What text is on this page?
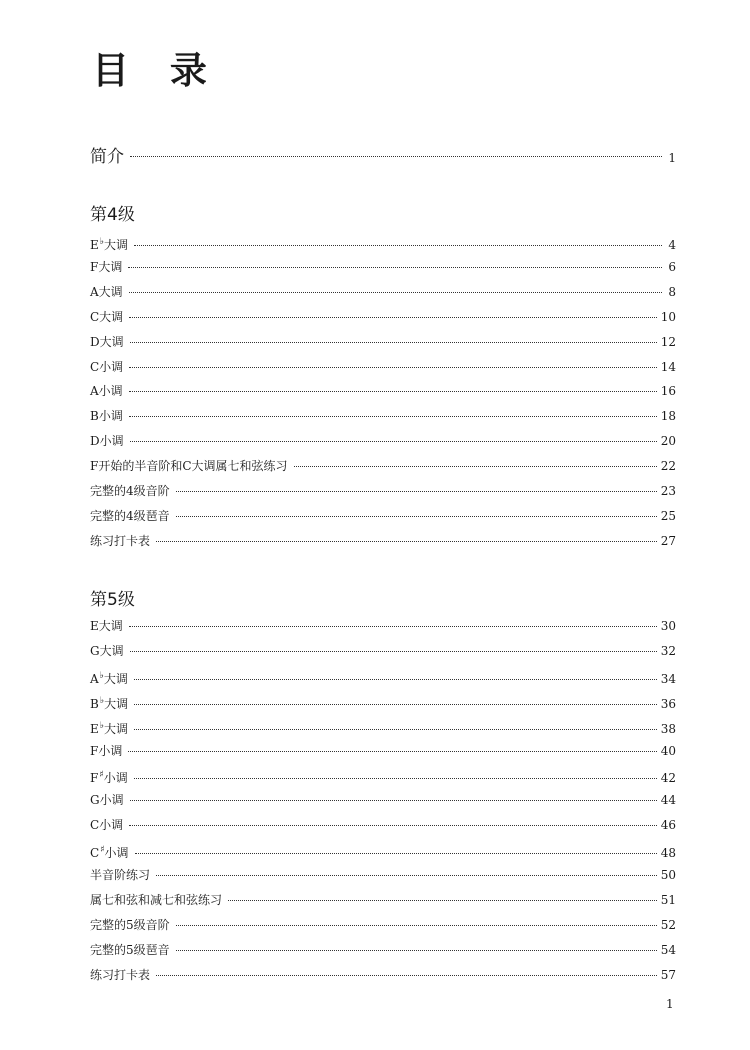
目 录
简介	1
第4级
E♭大调	4
F大调	6
A大调	8
C大调	10
D大调	12
C小调	14
A小调	16
B小调	18
D小调	20
F开始的半音阶和C大调属七和弦练习	22
完整的4级音阶	23
完整的4级琶音	25
练习打卡表	27
第5级
E大调	30
G大调	32
A♭大调	34
B♭大调	36
E♭大调	38
F小调	40
F♯小调	42
G小调	44
C小调	46
C♯小调	48
半音阶练习	50
属七和弦和减七和弦练习	51
完整的5级音阶	52
完整的5级琶音	54
练习打卡表	57
1
